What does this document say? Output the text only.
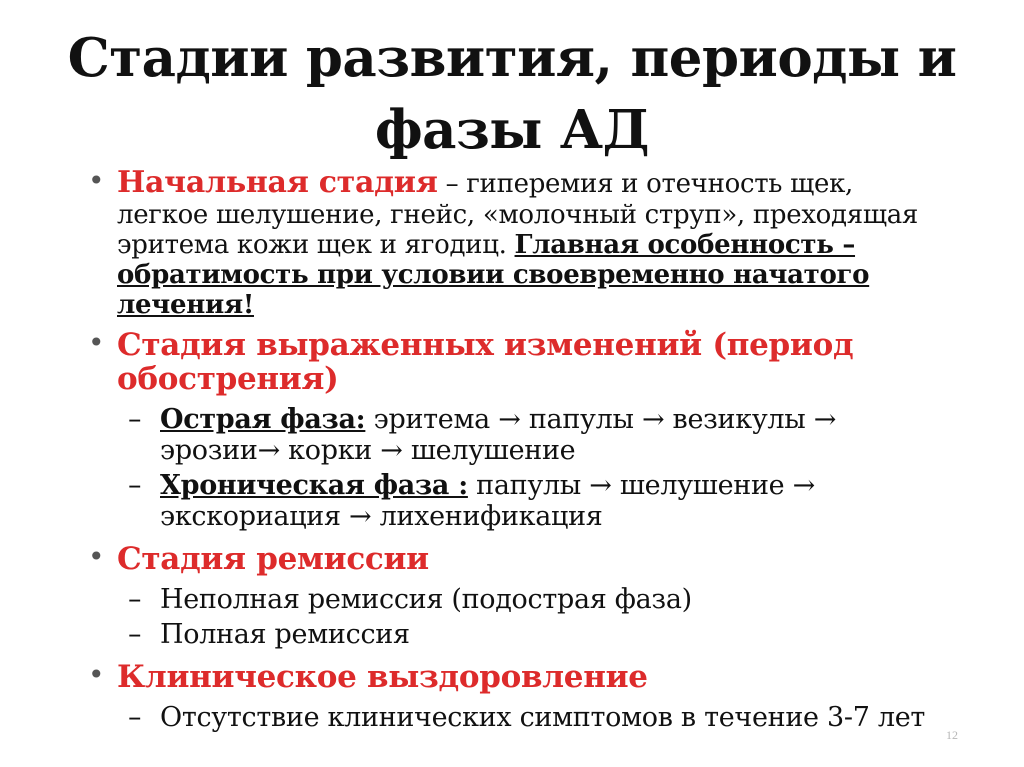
Стадии развития, периоды и фазы АД
• Начальная стадия – гиперемия и отечность щек, легкое шелушение, гнейс, «молочный струп», преходящая эритема кожи щек и ягодиц. Главная особенность – обратимость при условии своевременно начатого лечения!
• Стадия выраженных изменений (период обострения)
– Острая фаза: эритема → папулы → везикулы → эрозии→ корки → шелушение
– Хроническая фаза : папулы → шелушение → экскориация → лихенификация
• Стадия ремиссии
– Неполная ремиссия (подострая фаза)
– Полная ремиссия
• Клиническое выздоровление
– Отсутствие клинических симптомов в течение 3-7 лет
12
